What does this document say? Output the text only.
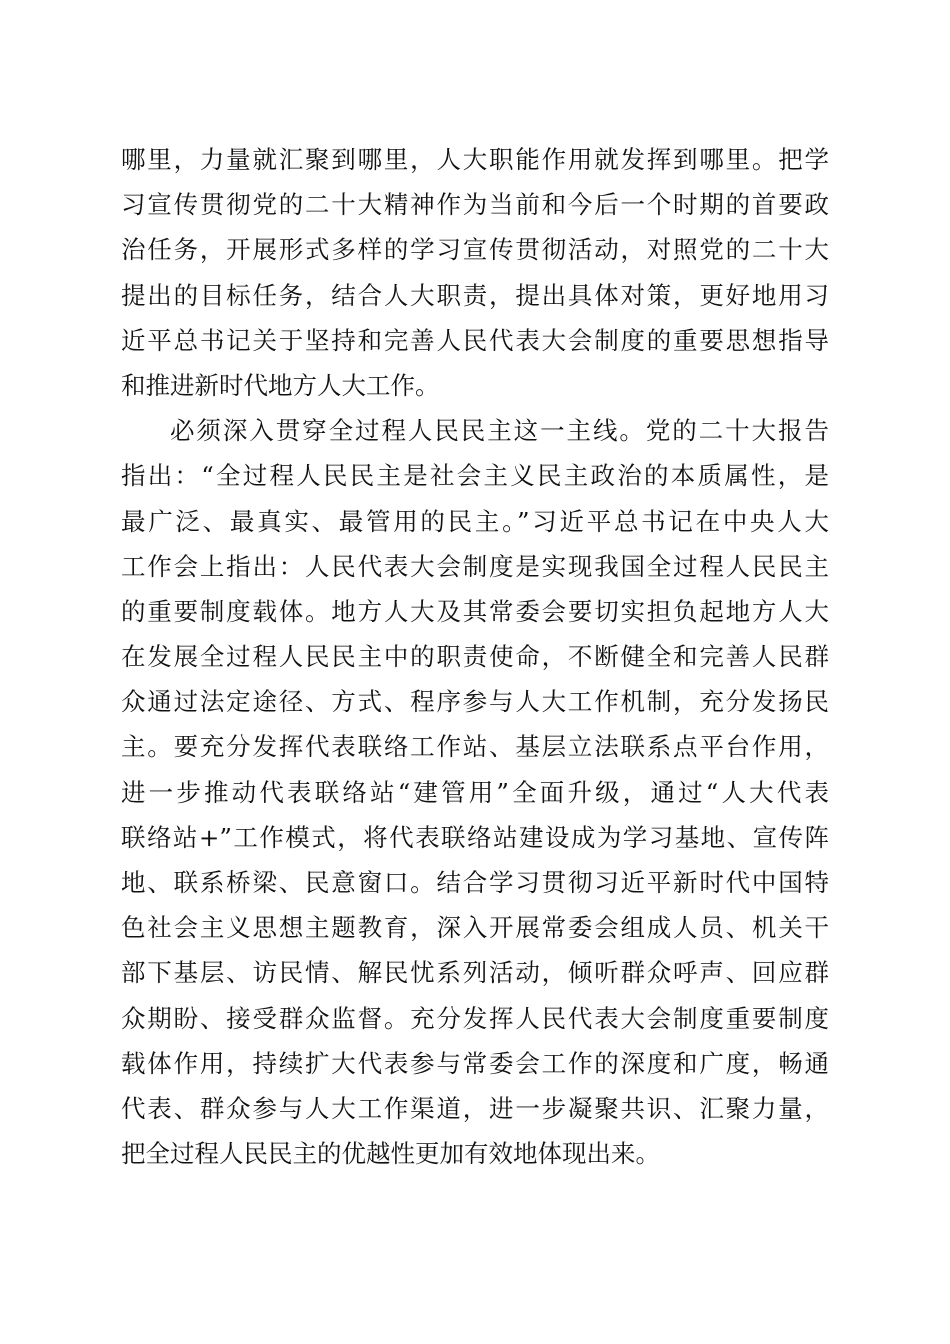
哪里，力量就汇聚到哪里，人大职能作用就发挥到哪里。把学
习宣传贯彻党的二十大精神作为当前和今后一个时期的首要政
治任务，开展形式多样的学习宣传贯彻活动，对照党的二十大
提出的目标任务，结合人大职责，提出具体对策，更好地用习
近平总书记关于坚持和完善人民代表大会制度的重要思想指导
和推进新时代地方人大工作。
必须深入贯穿全过程人民民主这一主线。党的二十大报告
指出：“全过程人民民主是社会主义民主政治的本质属性，是
最广泛、最真实、最管用的民主。”习近平总书记在中央人大
工作会上指出：人民代表大会制度是实现我国全过程人民民主
的重要制度载体。地方人大及其常委会要切实担负起地方人大
在发展全过程人民民主中的职责使命，不断健全和完善人民群
众通过法定途径、方式、程序参与人大工作机制，充分发扬民
主。要充分发挥代表联络工作站、基层立法联系点平台作用，
进一步推动代表联络站“建管用”全面升级，通过“人大代表
联络站+”工作模式，将代表联络站建设成为学习基地、宣传阵
地、联系桥梁、民意窗口。结合学习贯彻习近平新时代中国特
色社会主义思想主题教育，深入开展常委会组成人员、机关干
部下基层、访民情、解民忧系列活动，倾听群众呼声、回应群
众期盼、接受群众监督。充分发挥人民代表大会制度重要制度
载体作用，持续扩大代表参与常委会工作的深度和广度，畅通
代表、群众参与人大工作渠道，进一步凝聚共识、汇聚力量，
把全过程人民民主的优越性更加有效地体现出来。
